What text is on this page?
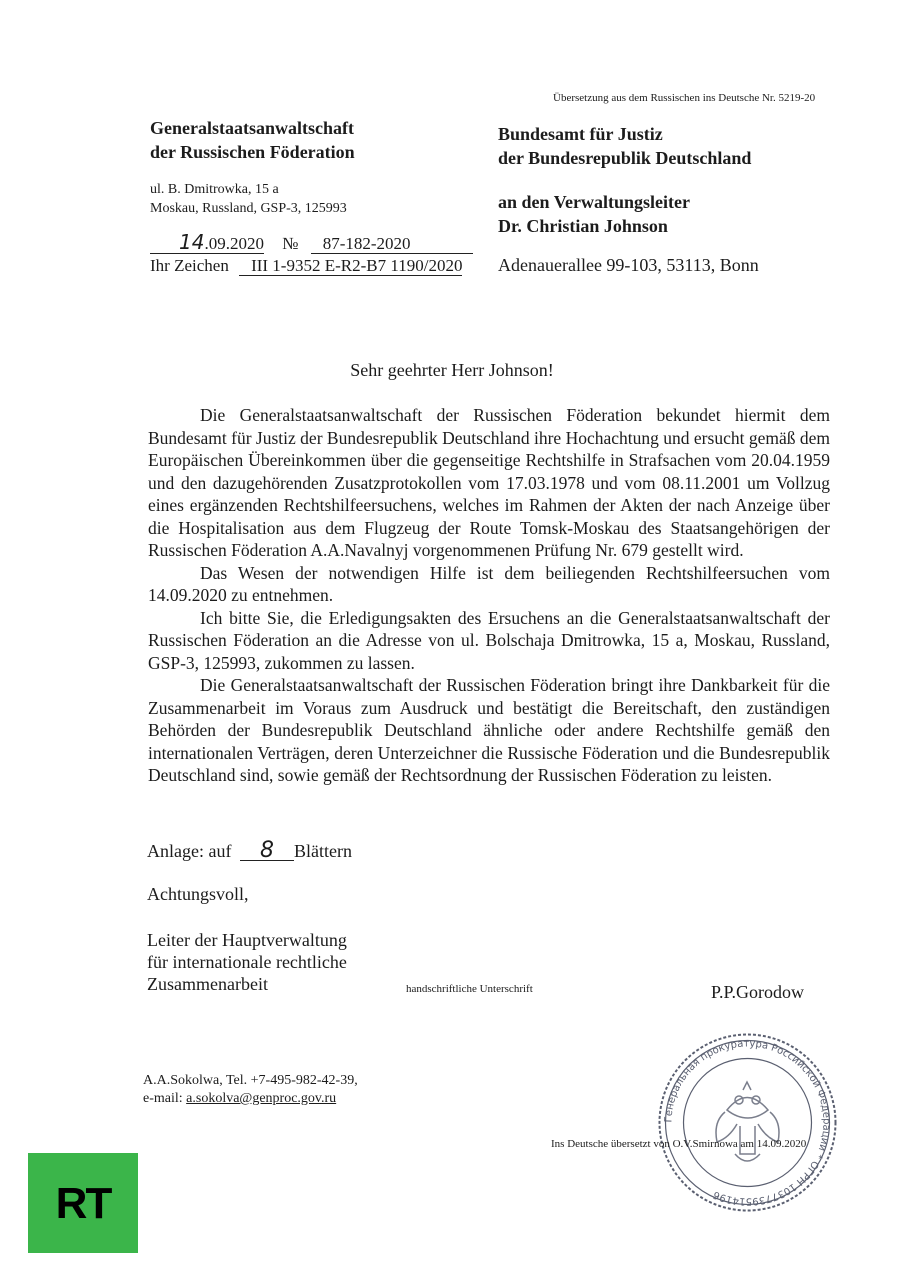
Übersetzung aus dem Russischen ins Deutsche Nr. 5219-20
Generalstaatsanwaltschaft
der Russischen Föderation
ul. B. Dmitrowka, 15 a
Moskau, Russland, GSP-3, 125993
14.09.2020 № 87-182-2020
Ihr Zeichen III 1-9352 E-R2-B7 1190/2020
Bundesamt für Justiz
der Bundesrepublik Deutschland
an den Verwaltungsleiter
Dr. Christian Johnson
Adenauerallee 99-103, 53113, Bonn
Sehr geehrter Herr Johnson!

Die Generalstaatsanwaltschaft der Russischen Föderation bekundet hiermit dem Bundesamt für Justiz der Bundesrepublik Deutschland ihre Hochachtung und ersucht gemäß dem Europäischen Übereinkommen über die gegenseitige Rechtshilfe in Strafsachen vom 20.04.1959 und den dazugehörenden Zusatzprotokollen vom 17.03.1978 und vom 08.11.2001 um Vollzug eines ergänzenden Rechtshilfeersuchens, welches im Rahmen der Akten der nach Anzeige über die Hospitalisation aus dem Flugzeug der Route Tomsk-Moskau des Staatsangehörigen der Russischen Föderation A.A.Navalnyj vorgenommenen Prüfung Nr. 679 gestellt wird.

Das Wesen der notwendigen Hilfe ist dem beiliegenden Rechtshilfeersuchen vom 14.09.2020 zu entnehmen.

Ich bitte Sie, die Erledigungsakten des Ersuchens an die Generalstaatsanwaltschaft der Russischen Föderation an die Adresse von ul. Bolschaja Dmitrowka, 15 a, Moskau, Russland, GSP-3, 125993, zukommen zu lassen.

Die Generalstaatsanwaltschaft der Russischen Föderation bringt ihre Dankbarkeit für die Zusammenarbeit im Voraus zum Ausdruck und bestätigt die Bereitschaft, den zuständigen Behörden der Bundesrepublik Deutschland ähnliche oder andere Rechtshilfe gemäß den internationalen Verträgen, deren Unterzeichner die Russische Föderation und die Bundesrepublik Deutschland sind, sowie gemäß der Rechtsordnung der Russischen Föderation zu leisten.

Anlage: auf 8 Blättern
Achtungsvoll,
Leiter der Hauptverwaltung
für internationale rechtliche
Zusammenarbeit	handschriftliche Unterschrift	P.P.Gorodow
Генеральная прокуратура Российской Федерации * ОГРН 1037739514196
Ins Deutsche übersetzt von O.V.Smirnowa am 14.09.2020
A.A.Sokolwa, Tel. +7-495-982-42-39,
e-mail: a.sokolva@genproc.gov.ru
RT
